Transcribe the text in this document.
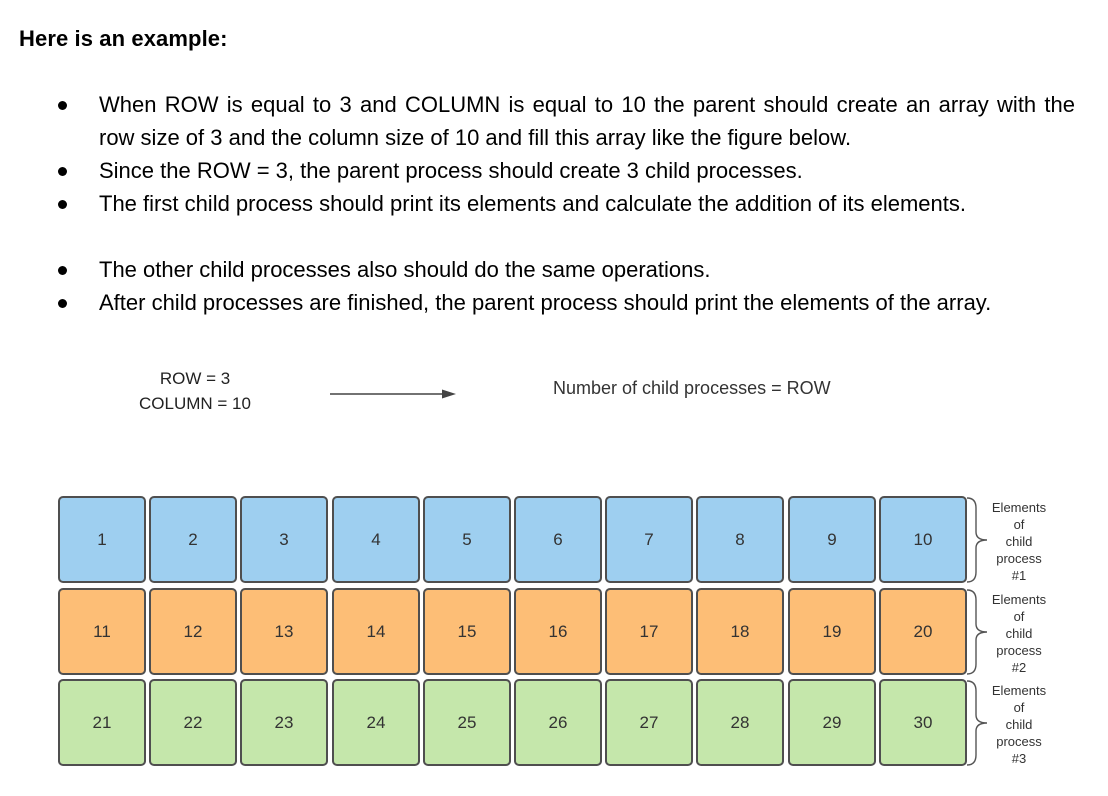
Here is an example:
When ROW is equal to 3 and COLUMN is equal to 10 the parent should create an array with the row size of 3 and the column size of 10 and fill this array like the figure below.
Since the ROW = 3, the parent process should create 3 child processes.
The first child process should print its elements and calculate the addition of its elements.
The other child processes also should do the same operations.
After child processes are finished, the parent process should print the elements of the array.
ROW = 3
COLUMN = 10
Number of child processes = ROW
1	2	3	4	5	6	7	8	9	10
11	12	13	14	15	16	17	18	19	20
21	22	23	24	25	26	27	28	29	30
Elements
of
child
process
#1
Elements
of
child
process
#2
Elements
of
child
process
#3
